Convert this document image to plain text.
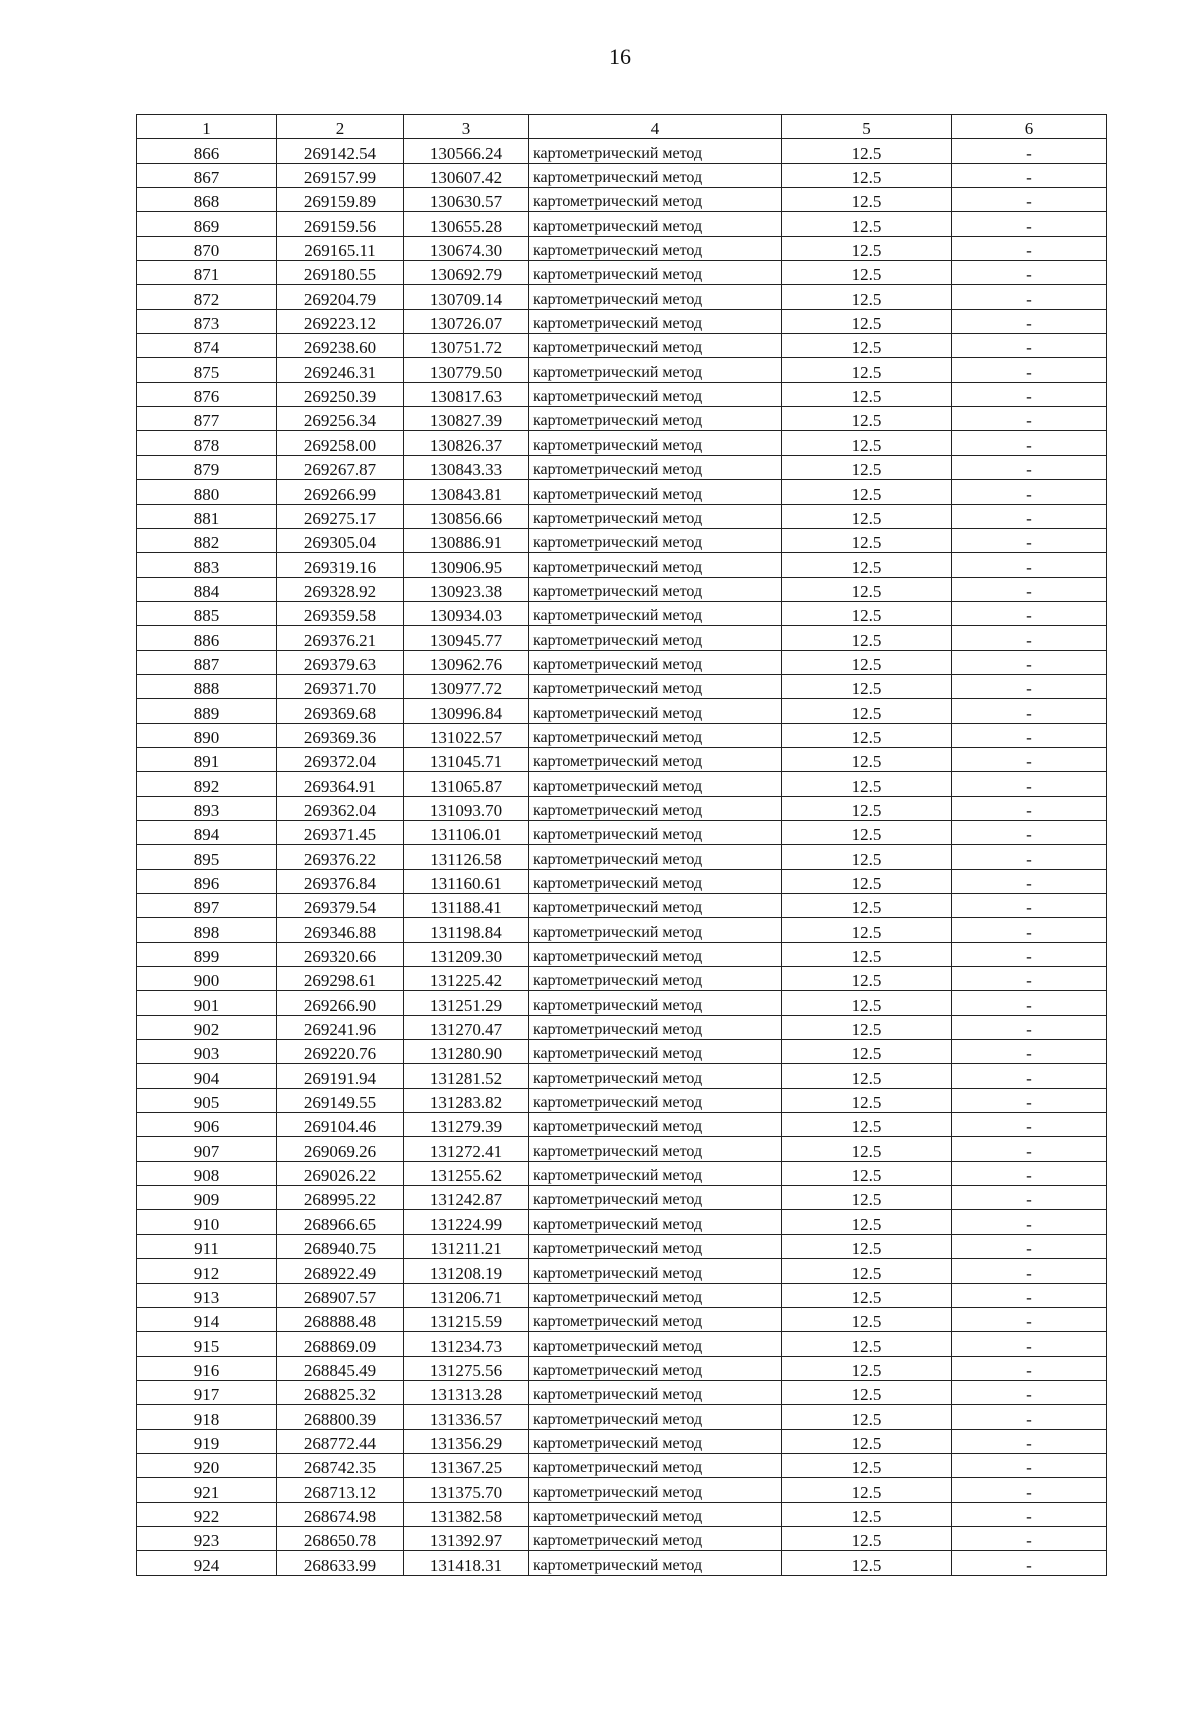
16
1	2	3	4	5	6
866	269142.54	130566.24	картометрический метод	12.5	-
867	269157.99	130607.42	картометрический метод	12.5	-
868	269159.89	130630.57	картометрический метод	12.5	-
869	269159.56	130655.28	картометрический метод	12.5	-
870	269165.11	130674.30	картометрический метод	12.5	-
871	269180.55	130692.79	картометрический метод	12.5	-
872	269204.79	130709.14	картометрический метод	12.5	-
873	269223.12	130726.07	картометрический метод	12.5	-
874	269238.60	130751.72	картометрический метод	12.5	-
875	269246.31	130779.50	картометрический метод	12.5	-
876	269250.39	130817.63	картометрический метод	12.5	-
877	269256.34	130827.39	картометрический метод	12.5	-
878	269258.00	130826.37	картометрический метод	12.5	-
879	269267.87	130843.33	картометрический метод	12.5	-
880	269266.99	130843.81	картометрический метод	12.5	-
881	269275.17	130856.66	картометрический метод	12.5	-
882	269305.04	130886.91	картометрический метод	12.5	-
883	269319.16	130906.95	картометрический метод	12.5	-
884	269328.92	130923.38	картометрический метод	12.5	-
885	269359.58	130934.03	картометрический метод	12.5	-
886	269376.21	130945.77	картометрический метод	12.5	-
887	269379.63	130962.76	картометрический метод	12.5	-
888	269371.70	130977.72	картометрический метод	12.5	-
889	269369.68	130996.84	картометрический метод	12.5	-
890	269369.36	131022.57	картометрический метод	12.5	-
891	269372.04	131045.71	картометрический метод	12.5	-
892	269364.91	131065.87	картометрический метод	12.5	-
893	269362.04	131093.70	картометрический метод	12.5	-
894	269371.45	131106.01	картометрический метод	12.5	-
895	269376.22	131126.58	картометрический метод	12.5	-
896	269376.84	131160.61	картометрический метод	12.5	-
897	269379.54	131188.41	картометрический метод	12.5	-
898	269346.88	131198.84	картометрический метод	12.5	-
899	269320.66	131209.30	картометрический метод	12.5	-
900	269298.61	131225.42	картометрический метод	12.5	-
901	269266.90	131251.29	картометрический метод	12.5	-
902	269241.96	131270.47	картометрический метод	12.5	-
903	269220.76	131280.90	картометрический метод	12.5	-
904	269191.94	131281.52	картометрический метод	12.5	-
905	269149.55	131283.82	картометрический метод	12.5	-
906	269104.46	131279.39	картометрический метод	12.5	-
907	269069.26	131272.41	картометрический метод	12.5	-
908	269026.22	131255.62	картометрический метод	12.5	-
909	268995.22	131242.87	картометрический метод	12.5	-
910	268966.65	131224.99	картометрический метод	12.5	-
911	268940.75	131211.21	картометрический метод	12.5	-
912	268922.49	131208.19	картометрический метод	12.5	-
913	268907.57	131206.71	картометрический метод	12.5	-
914	268888.48	131215.59	картометрический метод	12.5	-
915	268869.09	131234.73	картометрический метод	12.5	-
916	268845.49	131275.56	картометрический метод	12.5	-
917	268825.32	131313.28	картометрический метод	12.5	-
918	268800.39	131336.57	картометрический метод	12.5	-
919	268772.44	131356.29	картометрический метод	12.5	-
920	268742.35	131367.25	картометрический метод	12.5	-
921	268713.12	131375.70	картометрический метод	12.5	-
922	268674.98	131382.58	картометрический метод	12.5	-
923	268650.78	131392.97	картометрический метод	12.5	-
924	268633.99	131418.31	картометрический метод	12.5	-
